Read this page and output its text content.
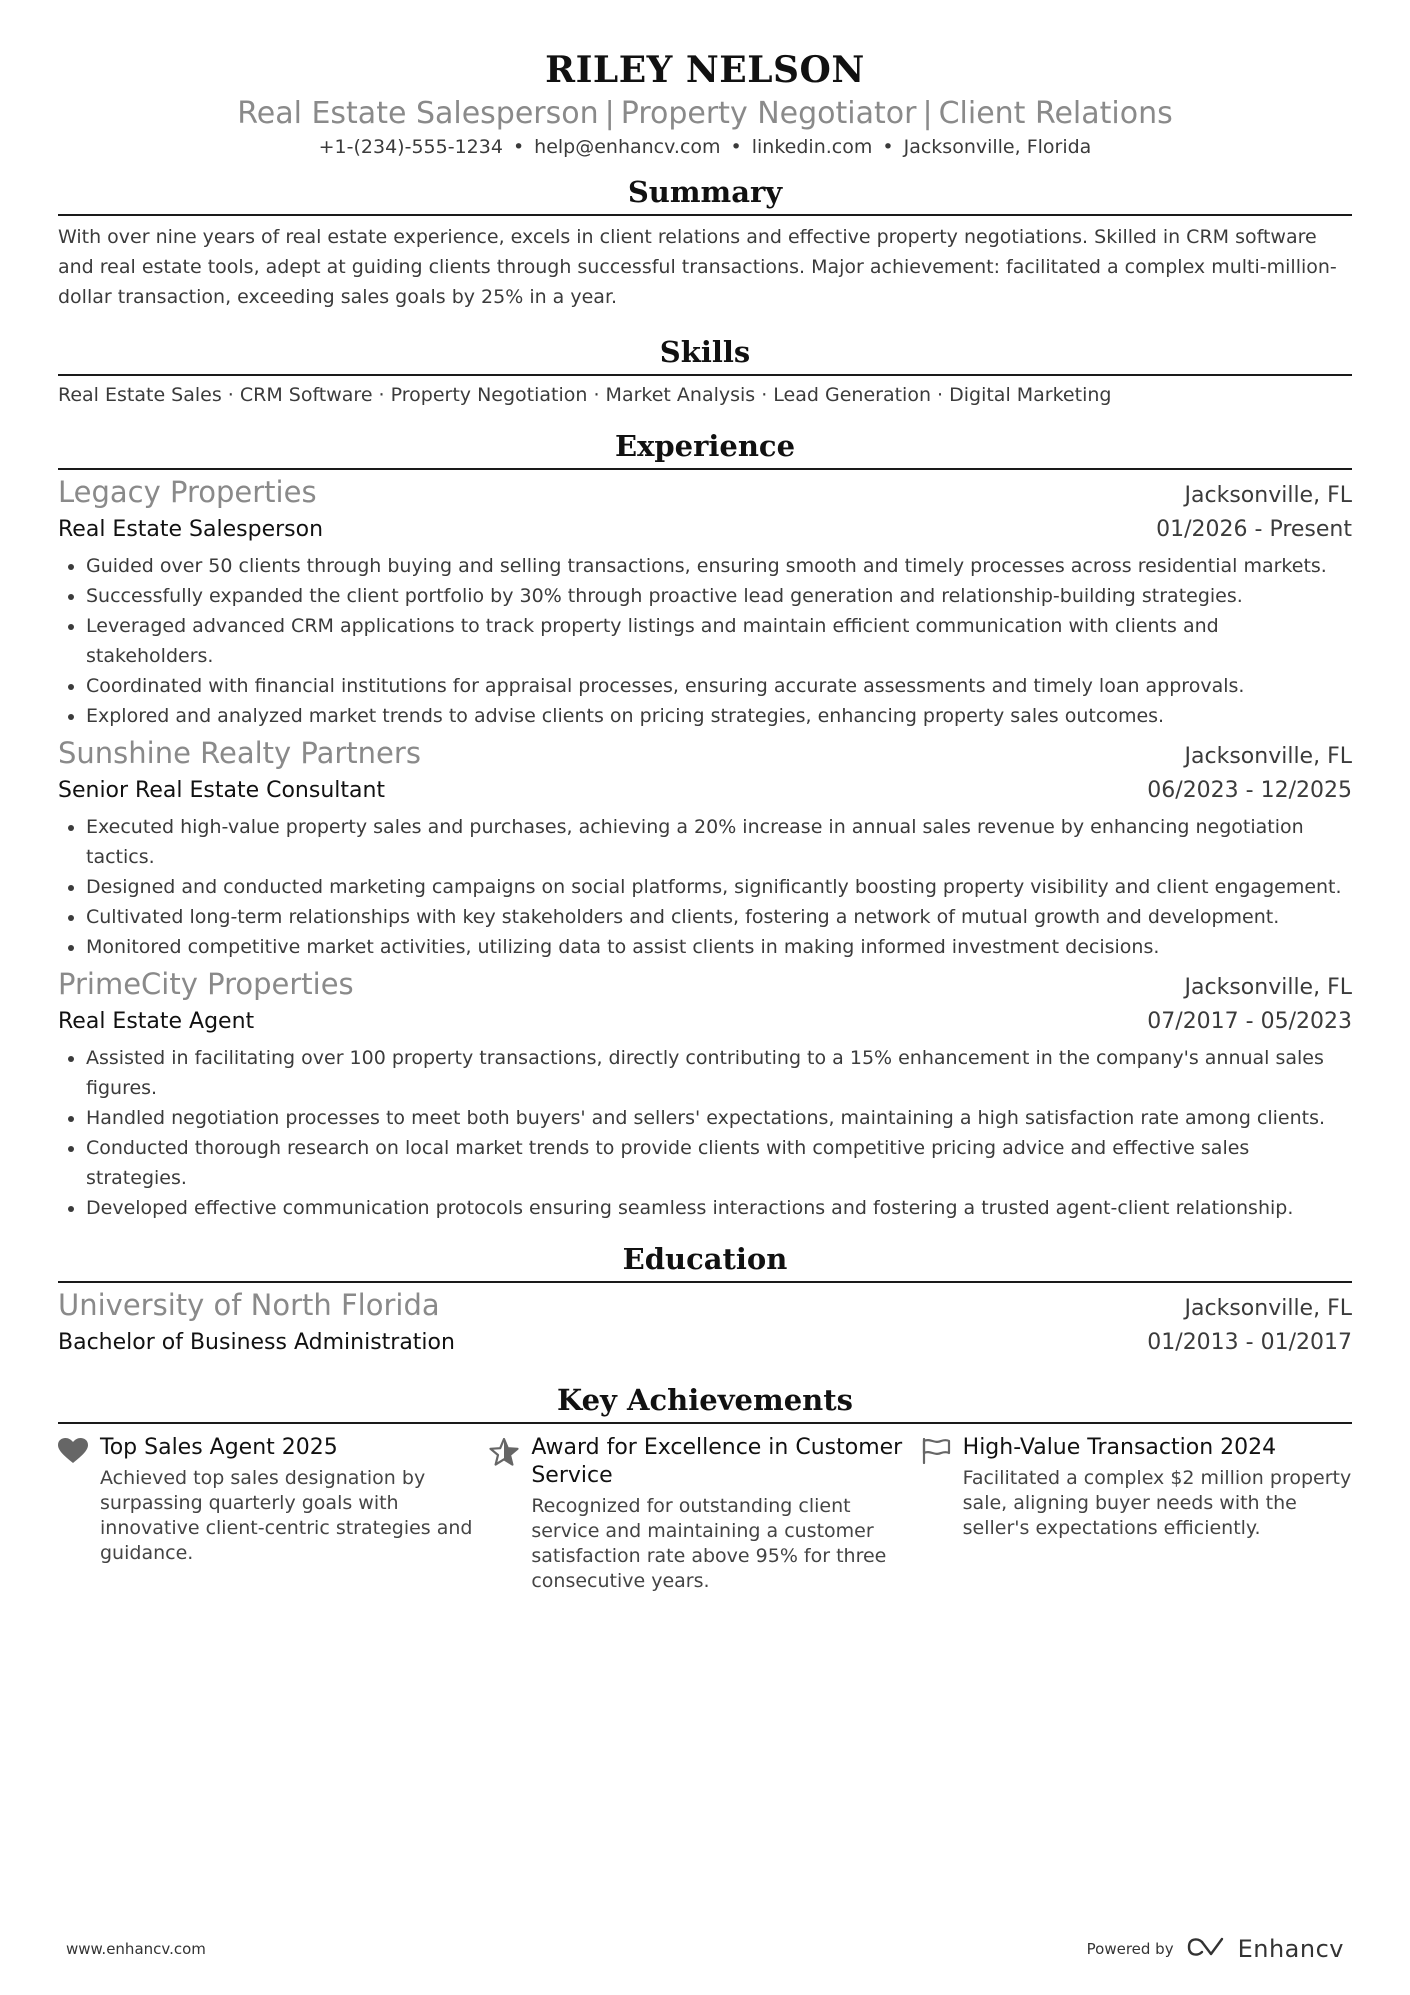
RILEY NELSON
Real Estate Salesperson | Property Negotiator | Client Relations
+1-(234)-555-1234 • help@enhancv.com • linkedin.com • Jacksonville, Florida
Summary
With over nine years of real estate experience, excels in client relations and effective property negotiations. Skilled in CRM software and real estate tools, adept at guiding clients through successful transactions. Major achievement: facilitated a complex multi-million-dollar transaction, exceeding sales goals by 25% in a year.
Skills
Real Estate Sales · CRM Software · Property Negotiation · Market Analysis · Lead Generation · Digital Marketing
Experience
Legacy Properties	Jacksonville, FL
Real Estate Salesperson	01/2026 - Present
• Guided over 50 clients through buying and selling transactions, ensuring smooth and timely processes across residential markets.
• Successfully expanded the client portfolio by 30% through proactive lead generation and relationship-building strategies.
• Leveraged advanced CRM applications to track property listings and maintain efficient communication with clients and stakeholders.
• Coordinated with financial institutions for appraisal processes, ensuring accurate assessments and timely loan approvals.
• Explored and analyzed market trends to advise clients on pricing strategies, enhancing property sales outcomes.
Sunshine Realty Partners	Jacksonville, FL
Senior Real Estate Consultant	06/2023 - 12/2025
• Executed high-value property sales and purchases, achieving a 20% increase in annual sales revenue by enhancing negotiation tactics.
• Designed and conducted marketing campaigns on social platforms, significantly boosting property visibility and client engagement.
• Cultivated long-term relationships with key stakeholders and clients, fostering a network of mutual growth and development.
• Monitored competitive market activities, utilizing data to assist clients in making informed investment decisions.
PrimeCity Properties	Jacksonville, FL
Real Estate Agent	07/2017 - 05/2023
• Assisted in facilitating over 100 property transactions, directly contributing to a 15% enhancement in the company's annual sales figures.
• Handled negotiation processes to meet both buyers' and sellers' expectations, maintaining a high satisfaction rate among clients.
• Conducted thorough research on local market trends to provide clients with competitive pricing advice and effective sales strategies.
• Developed effective communication protocols ensuring seamless interactions and fostering a trusted agent-client relationship.
Education
University of North Florida	Jacksonville, FL
Bachelor of Business Administration	01/2013 - 01/2017
Key Achievements
Top Sales Agent 2025
Achieved top sales designation by surpassing quarterly goals with innovative client-centric strategies and guidance.
Award for Excellence in Customer Service
Recognized for outstanding client service and maintaining a customer satisfaction rate above 95% for three consecutive years.
High-Value Transaction 2024
Facilitated a complex $2 million property sale, aligning buyer needs with the seller's expectations efficiently.
www.enhancv.com	Powered by	Enhancv
